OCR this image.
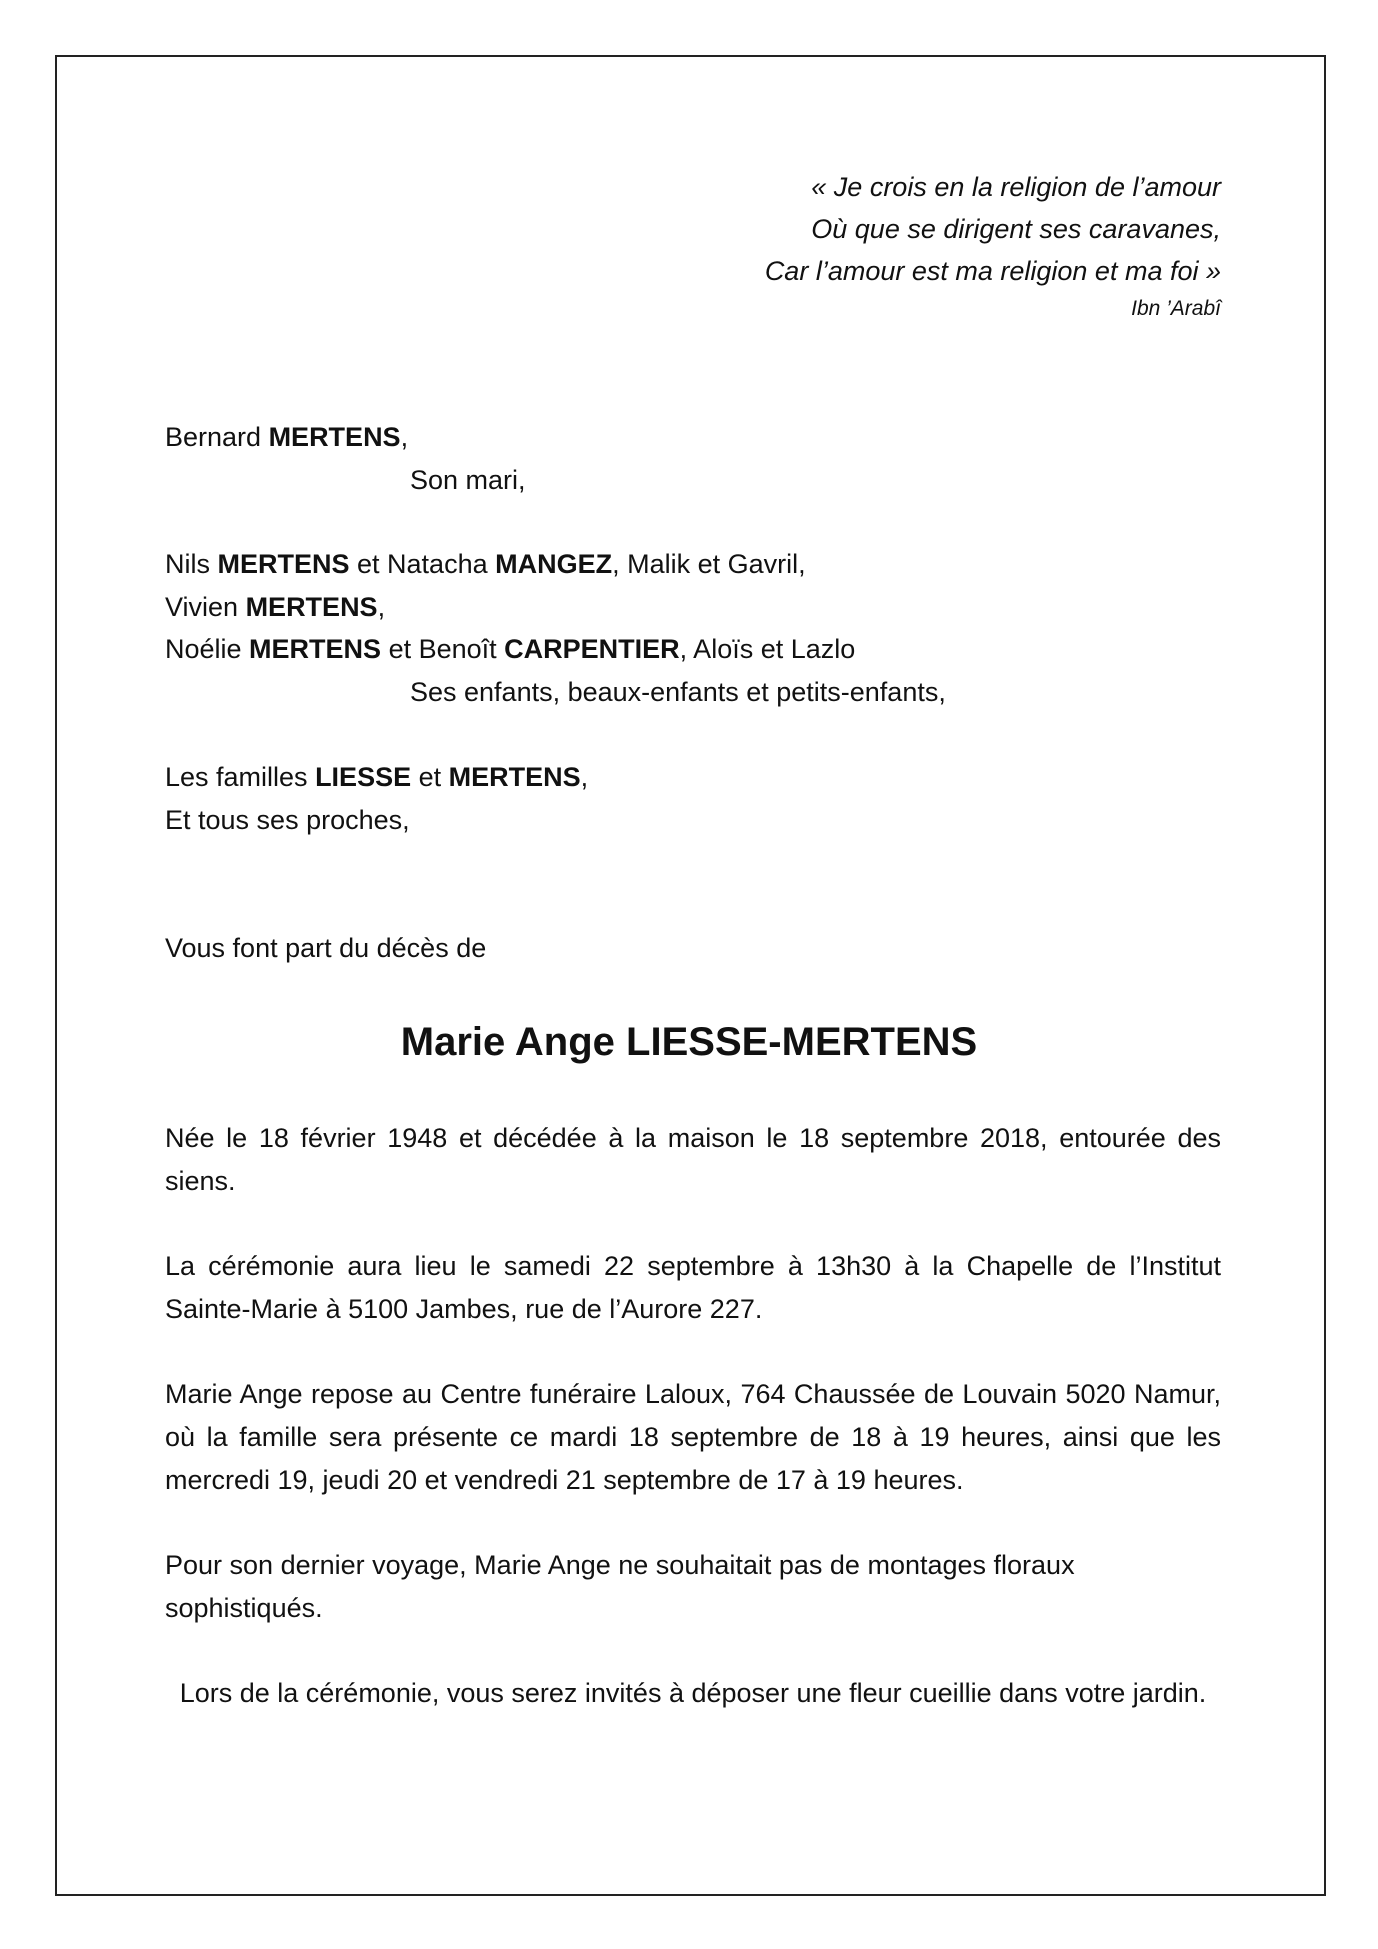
« Je crois en la religion de l’amour
Où que se dirigent ses caravanes,
Car l’amour est ma religion et ma foi »
Ibn ’Arabî
Bernard MERTENS,
Son mari,
Nils MERTENS et Natacha MANGEZ, Malik et Gavril,
Vivien MERTENS,
Noélie MERTENS et Benoît CARPENTIER, Aloïs et Lazlo
Ses enfants, beaux-enfants et petits-enfants,
Les familles LIESSE et MERTENS,
Et tous ses proches,
Vous font part du décès de
Marie Ange LIESSE-MERTENS
Née le 18 février 1948 et décédée à la maison le 18 septembre 2018, entourée des siens.
La cérémonie aura lieu le samedi 22 septembre à 13h30 à la Chapelle de l’Institut Sainte-Marie à 5100 Jambes, rue de l’Aurore 227.
Marie Ange repose au Centre funéraire Laloux, 764 Chaussée de Louvain 5020 Namur, où la famille sera présente ce mardi 18 septembre de 18 à 19 heures, ainsi que les mercredi 19, jeudi 20 et vendredi 21 septembre de 17 à 19 heures.
Pour son dernier voyage, Marie Ange ne souhaitait pas de montages floraux sophistiqués.
Lors de la cérémonie, vous serez invités à déposer une fleur cueillie dans votre jardin.
